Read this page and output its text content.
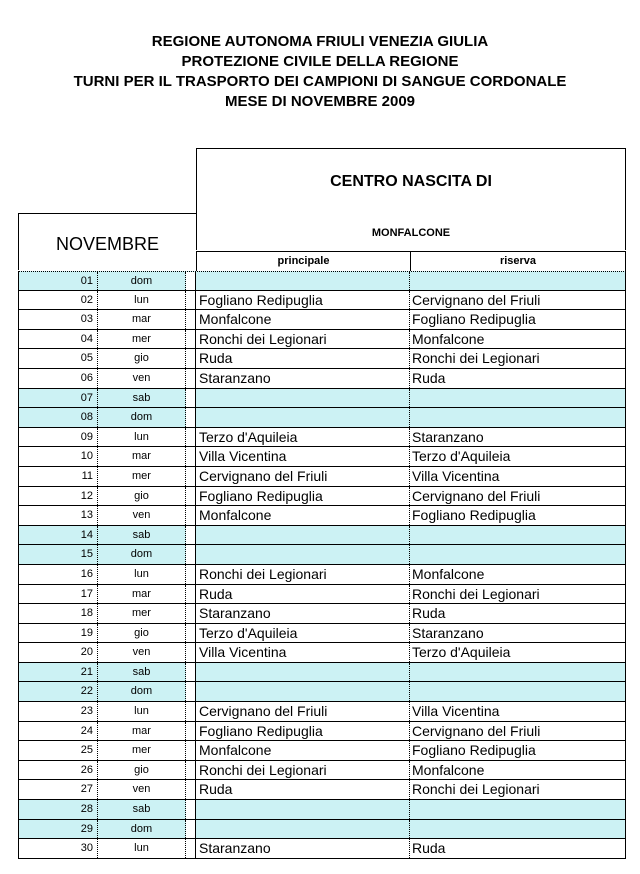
REGIONE AUTONOMA FRIULI VENEZIA GIULIA
PROTEZIONE CIVILE DELLA REGIONE
TURNI PER IL TRASPORTO DEI CAMPIONI DI SANGUE CORDONALE
MESE DI NOVEMBRE 2009
CENTRO NASCITA DI
MONFALCONE
NOVEMBRE
principale	riserva
01	dom
02	lun	Fogliano Redipuglia	Cervignano del Friuli
03	mar	Monfalcone	Fogliano Redipuglia
04	mer	Ronchi dei Legionari	Monfalcone
05	gio	Ruda	Ronchi dei Legionari
06	ven	Staranzano	Ruda
07	sab
08	dom
09	lun	Terzo d'Aquileia	Staranzano
10	mar	Villa Vicentina	Terzo d'Aquileia
11	mer	Cervignano del Friuli	Villa Vicentina
12	gio	Fogliano Redipuglia	Cervignano del Friuli
13	ven	Monfalcone	Fogliano Redipuglia
14	sab
15	dom
16	lun	Ronchi dei Legionari	Monfalcone
17	mar	Ruda	Ronchi dei Legionari
18	mer	Staranzano	Ruda
19	gio	Terzo d'Aquileia	Staranzano
20	ven	Villa Vicentina	Terzo d'Aquileia
21	sab
22	dom
23	lun	Cervignano del Friuli	Villa Vicentina
24	mar	Fogliano Redipuglia	Cervignano del Friuli
25	mer	Monfalcone	Fogliano Redipuglia
26	gio	Ronchi dei Legionari	Monfalcone
27	ven	Ruda	Ronchi dei Legionari
28	sab
29	dom
30	lun	Staranzano	Ruda
